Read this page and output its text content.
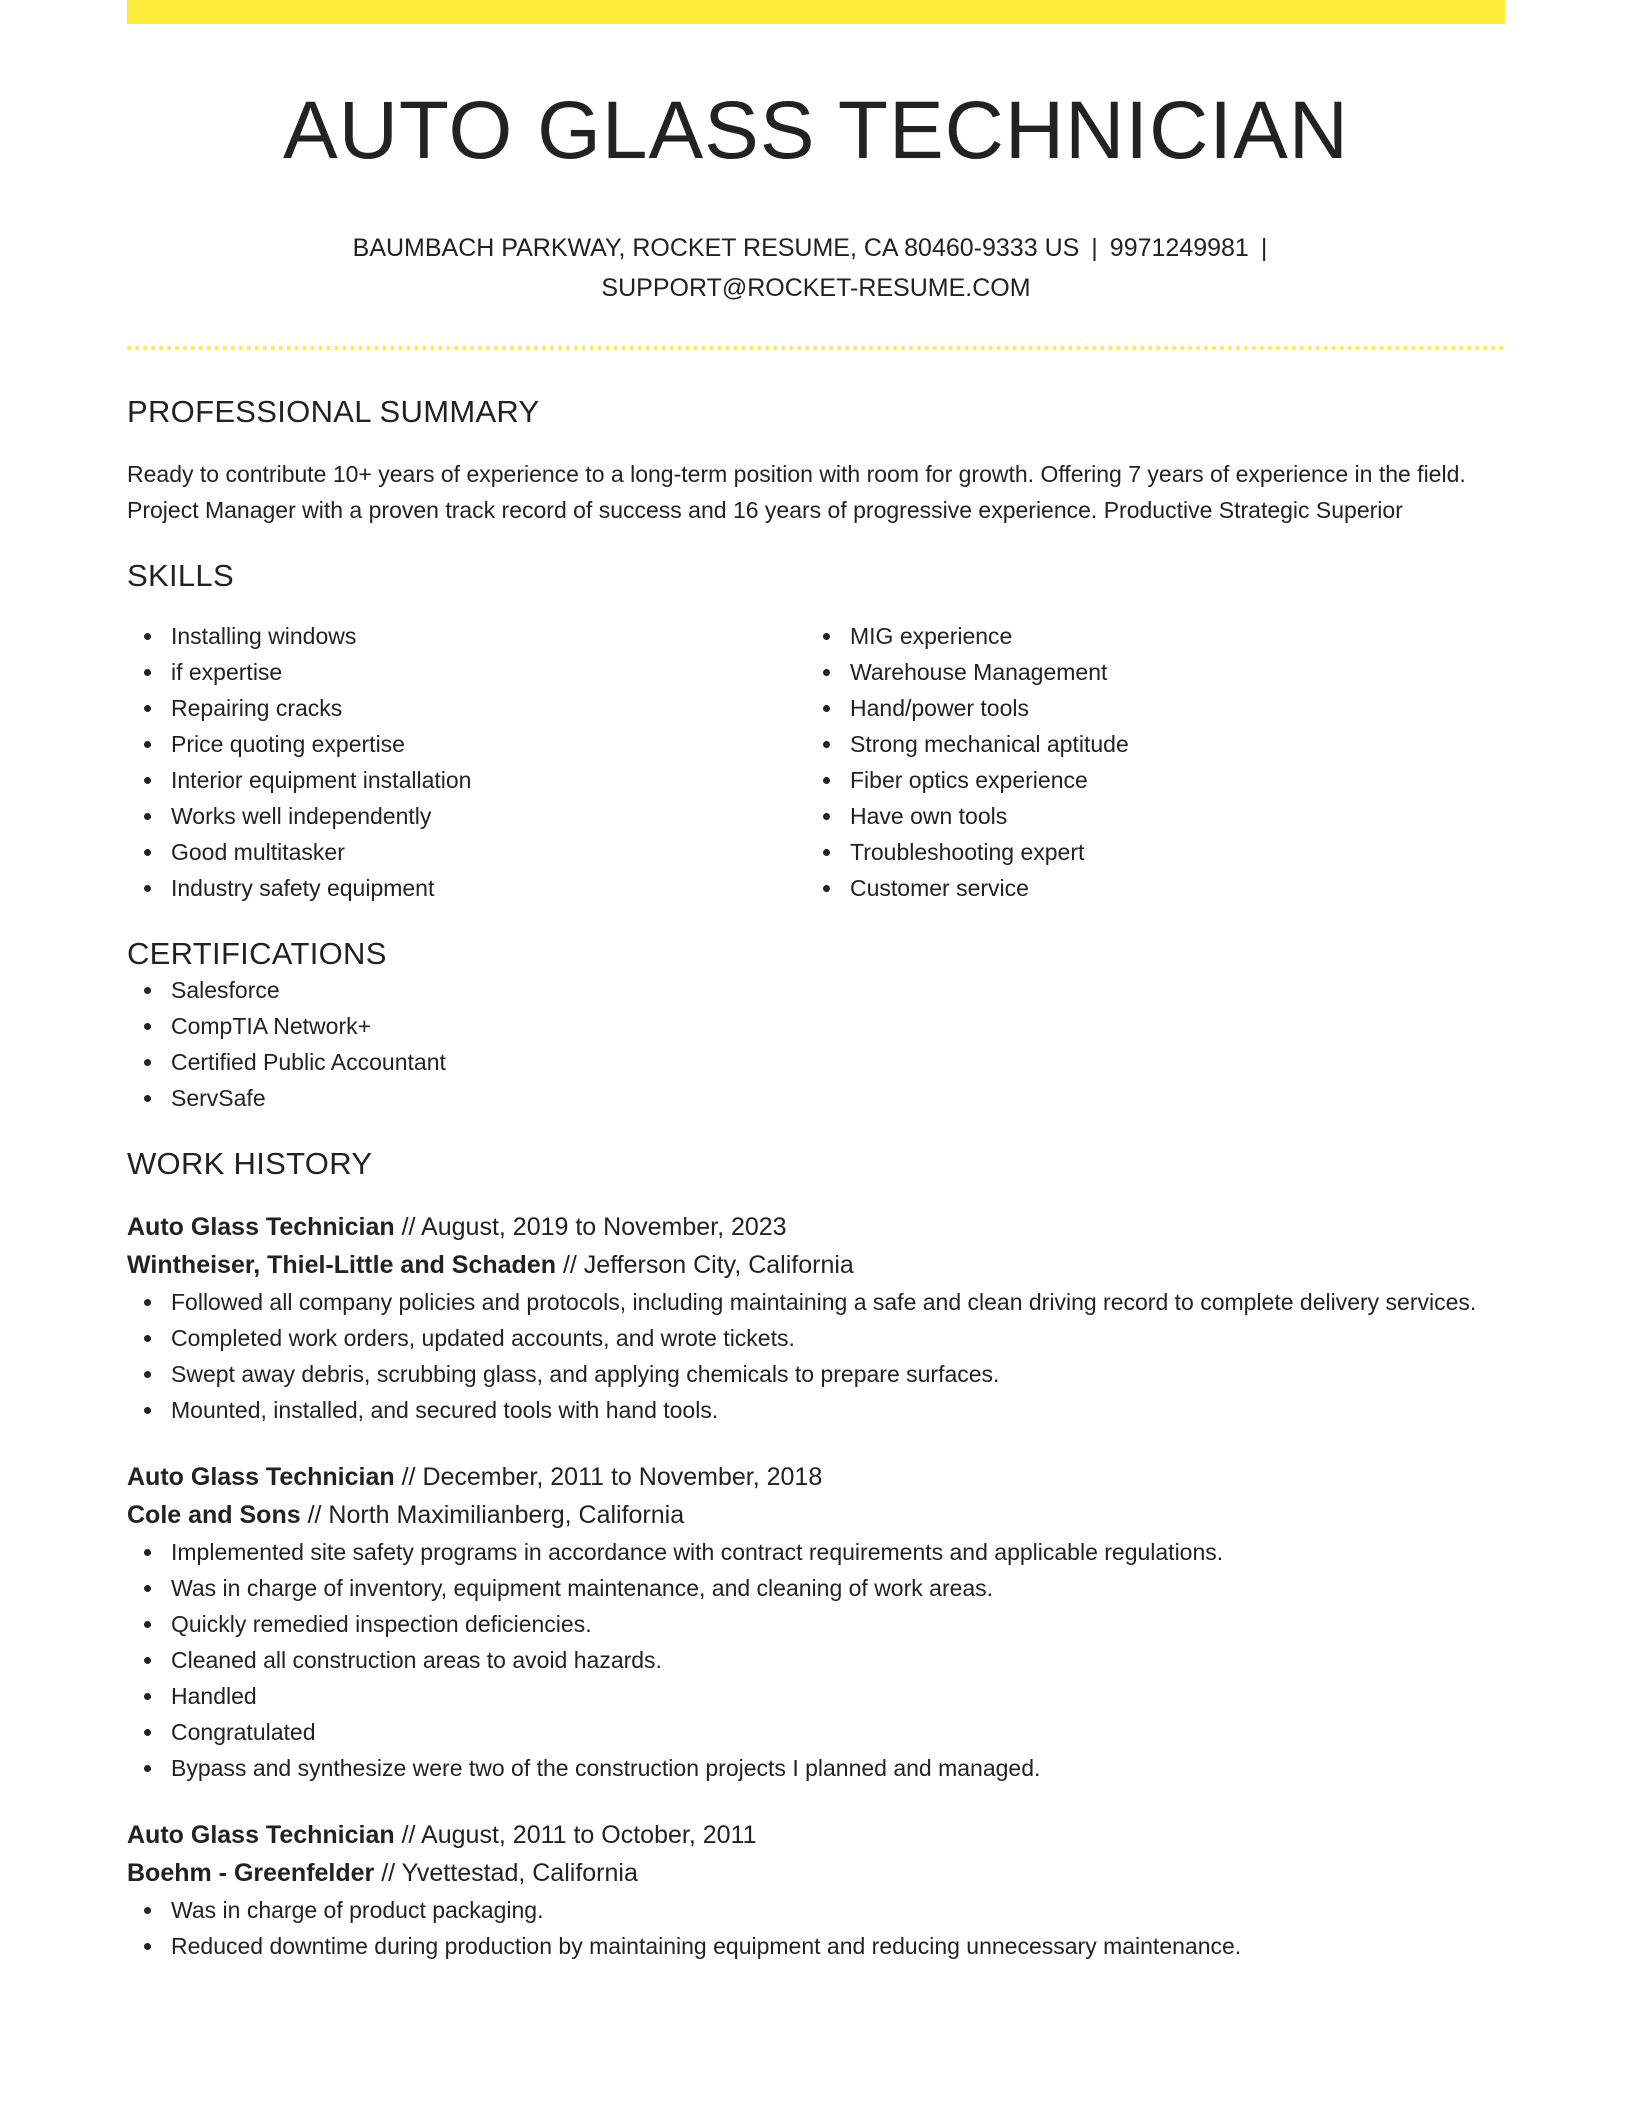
AUTO GLASS TECHNICIAN
BAUMBACH PARKWAY, ROCKET RESUME, CA 80460-9333 US | 9971249981 |
SUPPORT@ROCKET-RESUME.COM
PROFESSIONAL SUMMARY
Ready to contribute 10+ years of experience to a long-term position with room for growth. Offering 7 years of experience in the field. Project Manager with a proven track record of success and 16 years of progressive experience. Productive Strategic Superior
SKILLS
Installing windows
if expertise
Repairing cracks
Price quoting expertise
Interior equipment installation
Works well independently
Good multitasker
Industry safety equipment
MIG experience
Warehouse Management
Hand/power tools
Strong mechanical aptitude
Fiber optics experience
Have own tools
Troubleshooting expert
Customer service
CERTIFICATIONS
Salesforce
CompTIA Network+
Certified Public Accountant
ServSafe
WORK HISTORY
Auto Glass Technician // August, 2019 to November, 2023
Wintheiser, Thiel-Little and Schaden // Jefferson City, California
Followed all company policies and protocols, including maintaining a safe and clean driving record to complete delivery services.
Completed work orders, updated accounts, and wrote tickets.
Swept away debris, scrubbing glass, and applying chemicals to prepare surfaces.
Mounted, installed, and secured tools with hand tools.
Auto Glass Technician // December, 2011 to November, 2018
Cole and Sons // North Maximilianberg, California
Implemented site safety programs in accordance with contract requirements and applicable regulations.
Was in charge of inventory, equipment maintenance, and cleaning of work areas.
Quickly remedied inspection deficiencies.
Cleaned all construction areas to avoid hazards.
Handled
Congratulated
Bypass and synthesize were two of the construction projects I planned and managed.
Auto Glass Technician // August, 2011 to October, 2011
Boehm - Greenfelder // Yvettestad, California
Was in charge of product packaging.
Reduced downtime during production by maintaining equipment and reducing unnecessary maintenance.
